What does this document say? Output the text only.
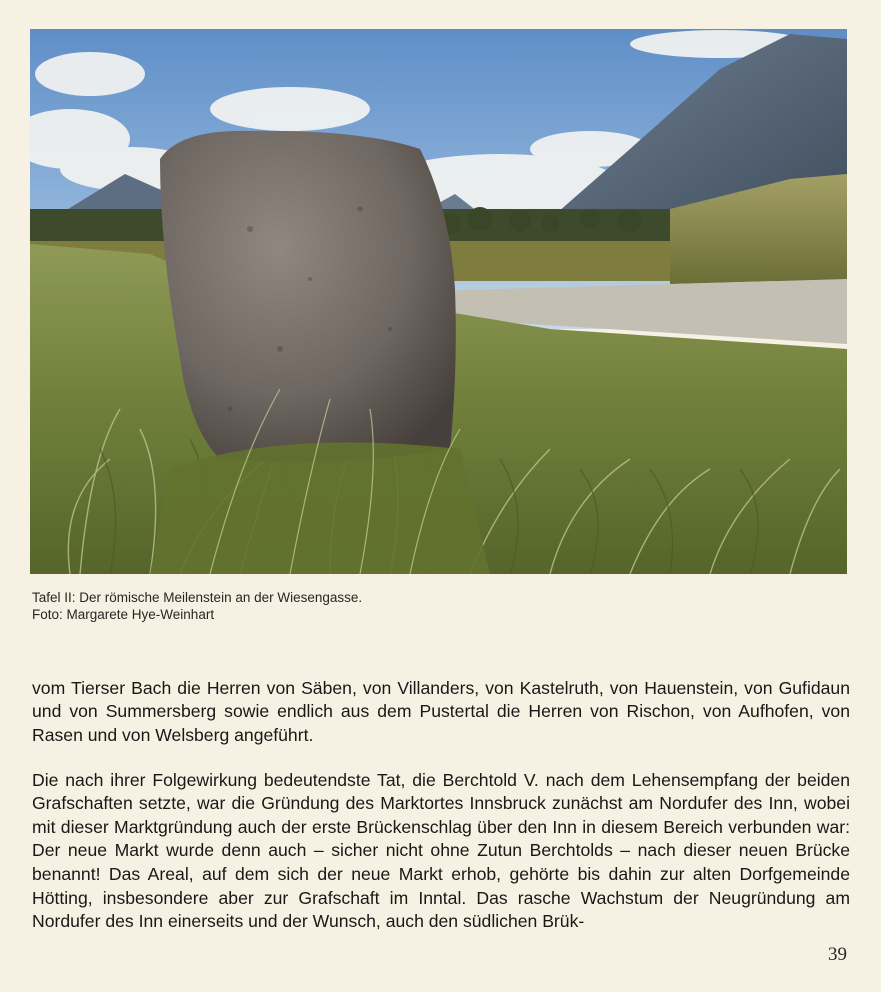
Tafel II: Der römische Meilenstein an der Wiesengasse.
Foto: Margarete Hye-Weinhart

vom Tierser Bach die Herren von Säben, von Villanders, von Kastelruth, von Hauenstein, von Gufidaun und von Summersberg sowie endlich aus dem Pustertal die Herren von Rischon, von Aufhofen, von Rasen und von Welsberg angeführt.

Die nach ihrer Folgewirkung bedeutendste Tat, die Berchtold V. nach dem Lehensempfang der beiden Grafschaften setzte, war die Gründung des Marktortes Innsbruck zunächst am Nordufer des Inn, wobei mit dieser Marktgründung auch der erste Brückenschlag über den Inn in diesem Bereich verbunden war: Der neue Markt wurde denn auch – sicher nicht ohne Zutun Berchtolds – nach dieser neuen Brücke benannt! Das Areal, auf dem sich der neue Markt erhob, gehörte bis dahin zur alten Dorfgemeinde Hötting, insbesondere aber zur Grafschaft im Inntal. Das rasche Wachstum der Neugründung am Nordufer des Inn einerseits und der Wunsch, auch den südlichen Brük-

39
